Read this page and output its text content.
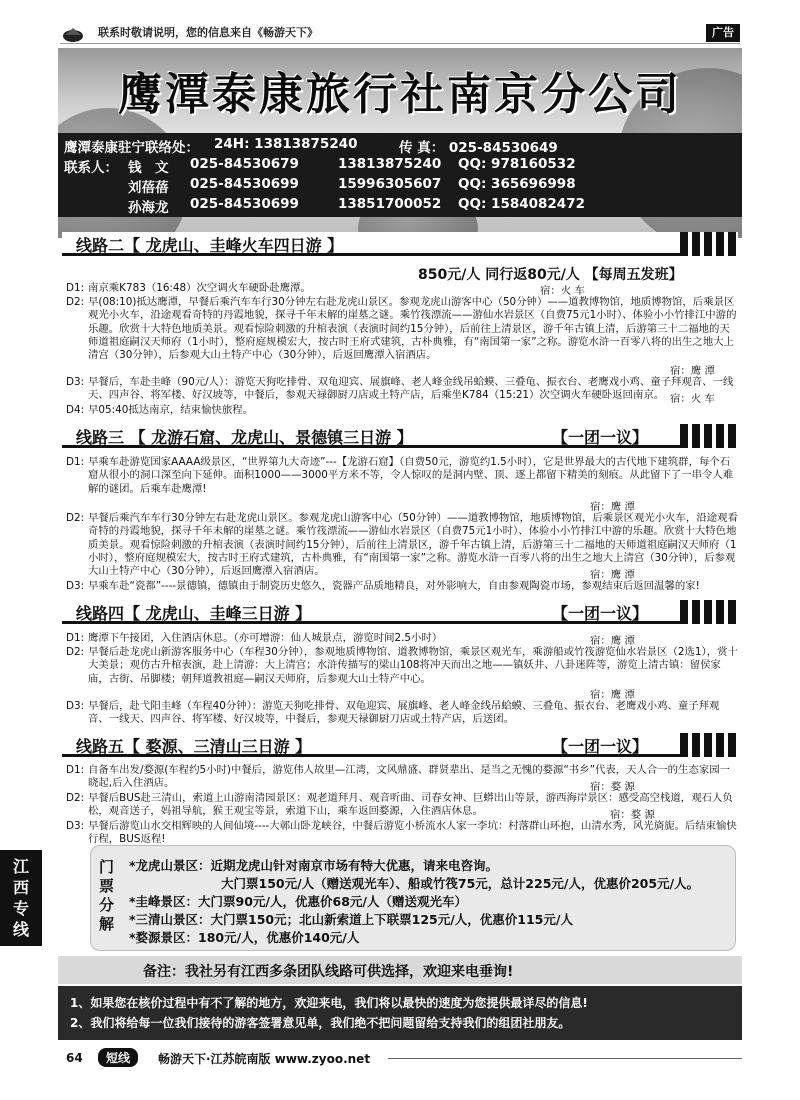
联系时敬请说明，您的信息来自《畅游天下》	广告
鹰潭泰康旅行社南京分公司
鹰潭泰康驻宁联络处： 24H: 13813875240	传 真： 025-84530649
联系人： 钱　文 025-84530679	13813875240 QQ: 978160532
刘蓓蓓 025-84530699	15996305607 QQ: 365696998
孙海龙 025-84530699	13851700052 QQ: 1584082472
线路二【 龙虎山、圭峰火车四日游 】
850元/人 同行返80元/人 【每周五发班】
D1: 南京乘K783（16:48）次空调火车硬卧赴鹰潭。	宿：火 车
D2: 早(08:10)抵达鹰潭，早餐后乘汽车车行30分钟左右赴龙虎山景区。参观龙虎山游客中心（50分钟）——道教博物馆，地质博物馆，后乘景区观光小火车，沿途观看奇特的丹霞地貌，探寻千年未解的崖墓之谜。乘竹筏漂流——游仙水岩景区（自费75元1小时）、体验小小竹排江中游的乐趣。欣赏十大特色地质美景。观看惊险刺激的升棺表演（表演时间约15分钟），后前往上清景区，游千年古镇上清，后游第三十二福地的天师道祖庭嗣汉天师府（1小时），整府庭规模宏大，按古时王府式建筑，古朴典雅，有“南国第一家”之称。游览水浒一百零八将的出生之地大上清宫（30分钟），后参观大山土特产中心（30分钟），后返回鹰潭入宿酒店。
宿：鹰 潭
D3: 早餐后，车赴圭峰（90元/人）：游览天狗吃排骨、双龟迎宾、展旗峰、老人峰金线吊蛤蟆、三叠龟、振衣台、老鹰戏小鸡、童子拜观音、一线天、四声谷、将军楼、好汉坡等，中餐后，参观天禄御厨刀店或土特产店，后乘坐K784（15:21）次空调火车硬卧返回南京。 宿：火 车
D4: 早05:40抵达南京，结束愉快旅程。
线路三 【 龙游石窟、龙虎山、景德镇三日游 】	【一团一议】
D1: 早乘车赴游览国家AAAA级景区，“世界第九大奇迹”---【龙游石窟】（自费50元，游览约1.5小时），它是世界最大的古代地下建筑群，每个石窟从很小的洞口深至向下延伸。面积1000——3000平方米不等，令人惊叹的是洞内壁、顶、逐上都留下精美的刻痕。从此留下了一串令人难解的谜团。后乘车赴鹰潭!
宿：鹰 潭
D2: 早餐后乘汽车车行30分钟左右赴龙虎山景区。参观龙虎山游客中心（50分钟）——道教博物馆，地质博物馆，后乘景区观光小火车，沿途观看奇特的丹霞地貌，探寻千年未解的崖墓之谜。乘竹筏漂流——游仙水岩景区（自费75元1小时）、体验小小竹排江中游的乐趣。欣赏十大特色地质美景。观看惊险刺激的升棺表演（表演时间约15分钟），后前往上清景区，游千年古镇上清，后游第三十二福地的天师道祖庭嗣汉天师府（1小时），整府庭规模宏大，按古时王府式建筑，古朴典雅，有“南国第一家”之称。游览水浒一百零八将的出生之地大上清宫（30分钟），后参观大山土特产中心（30分钟），后返回鹰潭入宿酒店。	宿：鹰 潭
D3: 早乘车赴“瓷都”----景德镇，德镇由于制瓷历史悠久，瓷器产品质地精良，对外影响大，自由参观陶瓷市场，参观结束后返回温馨的家!
线路四【 龙虎山、圭峰三日游 】	【一团一议】
D1: 鹰潭下午接团，入住酒店休息。（亦可增游：仙人城景点，游览时间2.5小时）	宿：鹰 潭
D2: 早餐后赴龙虎山新游客服务中心（车程30分钟），参观地质博物馆、道教博物馆，乘景区观光车，乘游船或竹筏游览仙水岩景区（2选1），赏十大美景；观仿古升棺表演，赴上清游：大上清宫；水浒传描写的梁山108将冲天而出之地——镇妖井、八卦迷阵等，游览上清古镇：留侯家庙，古街、吊脚楼；朝拜道教祖庭—嗣汉天师府，后参观大山土特产中心。
宿：鹰 潭
D3: 早餐后，赴弋阳圭峰（车程40分钟）：游览天狗吃排骨、双龟迎宾、展旗峰、老人峰金线吊蛤蟆、三叠龟、振衣台、老鹰戏小鸡、童子拜观音、一线天、四声谷、将军楼、好汉坡等，中餐后，参观天禄御厨刀店或土特产店，后送团。
线路五【 婺源、三清山三日游 】	【一团一议】
D1: 自备车出发/婺源(车程约5小时)中餐后，游览伟人故里—江湾，文风鼎盛、群贤辈出、是当之无愧的婺源“书乡”代表，天人合一的生态家园一晓起,后入住酒店。	宿：婺 源
D2: 早餐后BUS赴三清山，索道上山游南清园景区：观老道拜月、观音听曲、司春女神、巨蟒出山等景，游西海岸景区：感受高空栈道，观石人负松，观音送子，妈祖导航，猴王观宝等景，索道下山，乘车返回婺源，入住酒店休息。	宿：婺 源
D3: 早餐后游览山水交相辉映的人间仙境----大鄣山卧龙峡谷，中餐后游览小桥流水人家一李坑：村落群山环抱，山清水秀，风光旖旎。后结束愉快行程，BUS返程!
门票分解
*龙虎山景区：近期龙虎山针对南京市场有特大优惠，请来电咨询。
大门票150元/人（赠送观光车）、船或竹筏75元，总计225元/人，优惠价205元/人。
*圭峰景区：大门票90元/人，优惠价68元/人（赠送观光车）
*三清山景区：大门票150元；北山新索道上下联票125元/人，优惠价115元/人
*婺源景区：180元/人，优惠价140元/人
江西专线
备注：我社另有江西多条团队线路可供选择，欢迎来电垂询!
1、如果您在核价过程中有不了解的地方，欢迎来电，我们将以最快的速度为您提供最详尽的信息!
2、我们将给每一位我们接待的游客签署意见单，我们绝不把问题留给支持我们的组团社朋友。
64	短线	畅游天下·江苏皖南版 www.zyoo.net
